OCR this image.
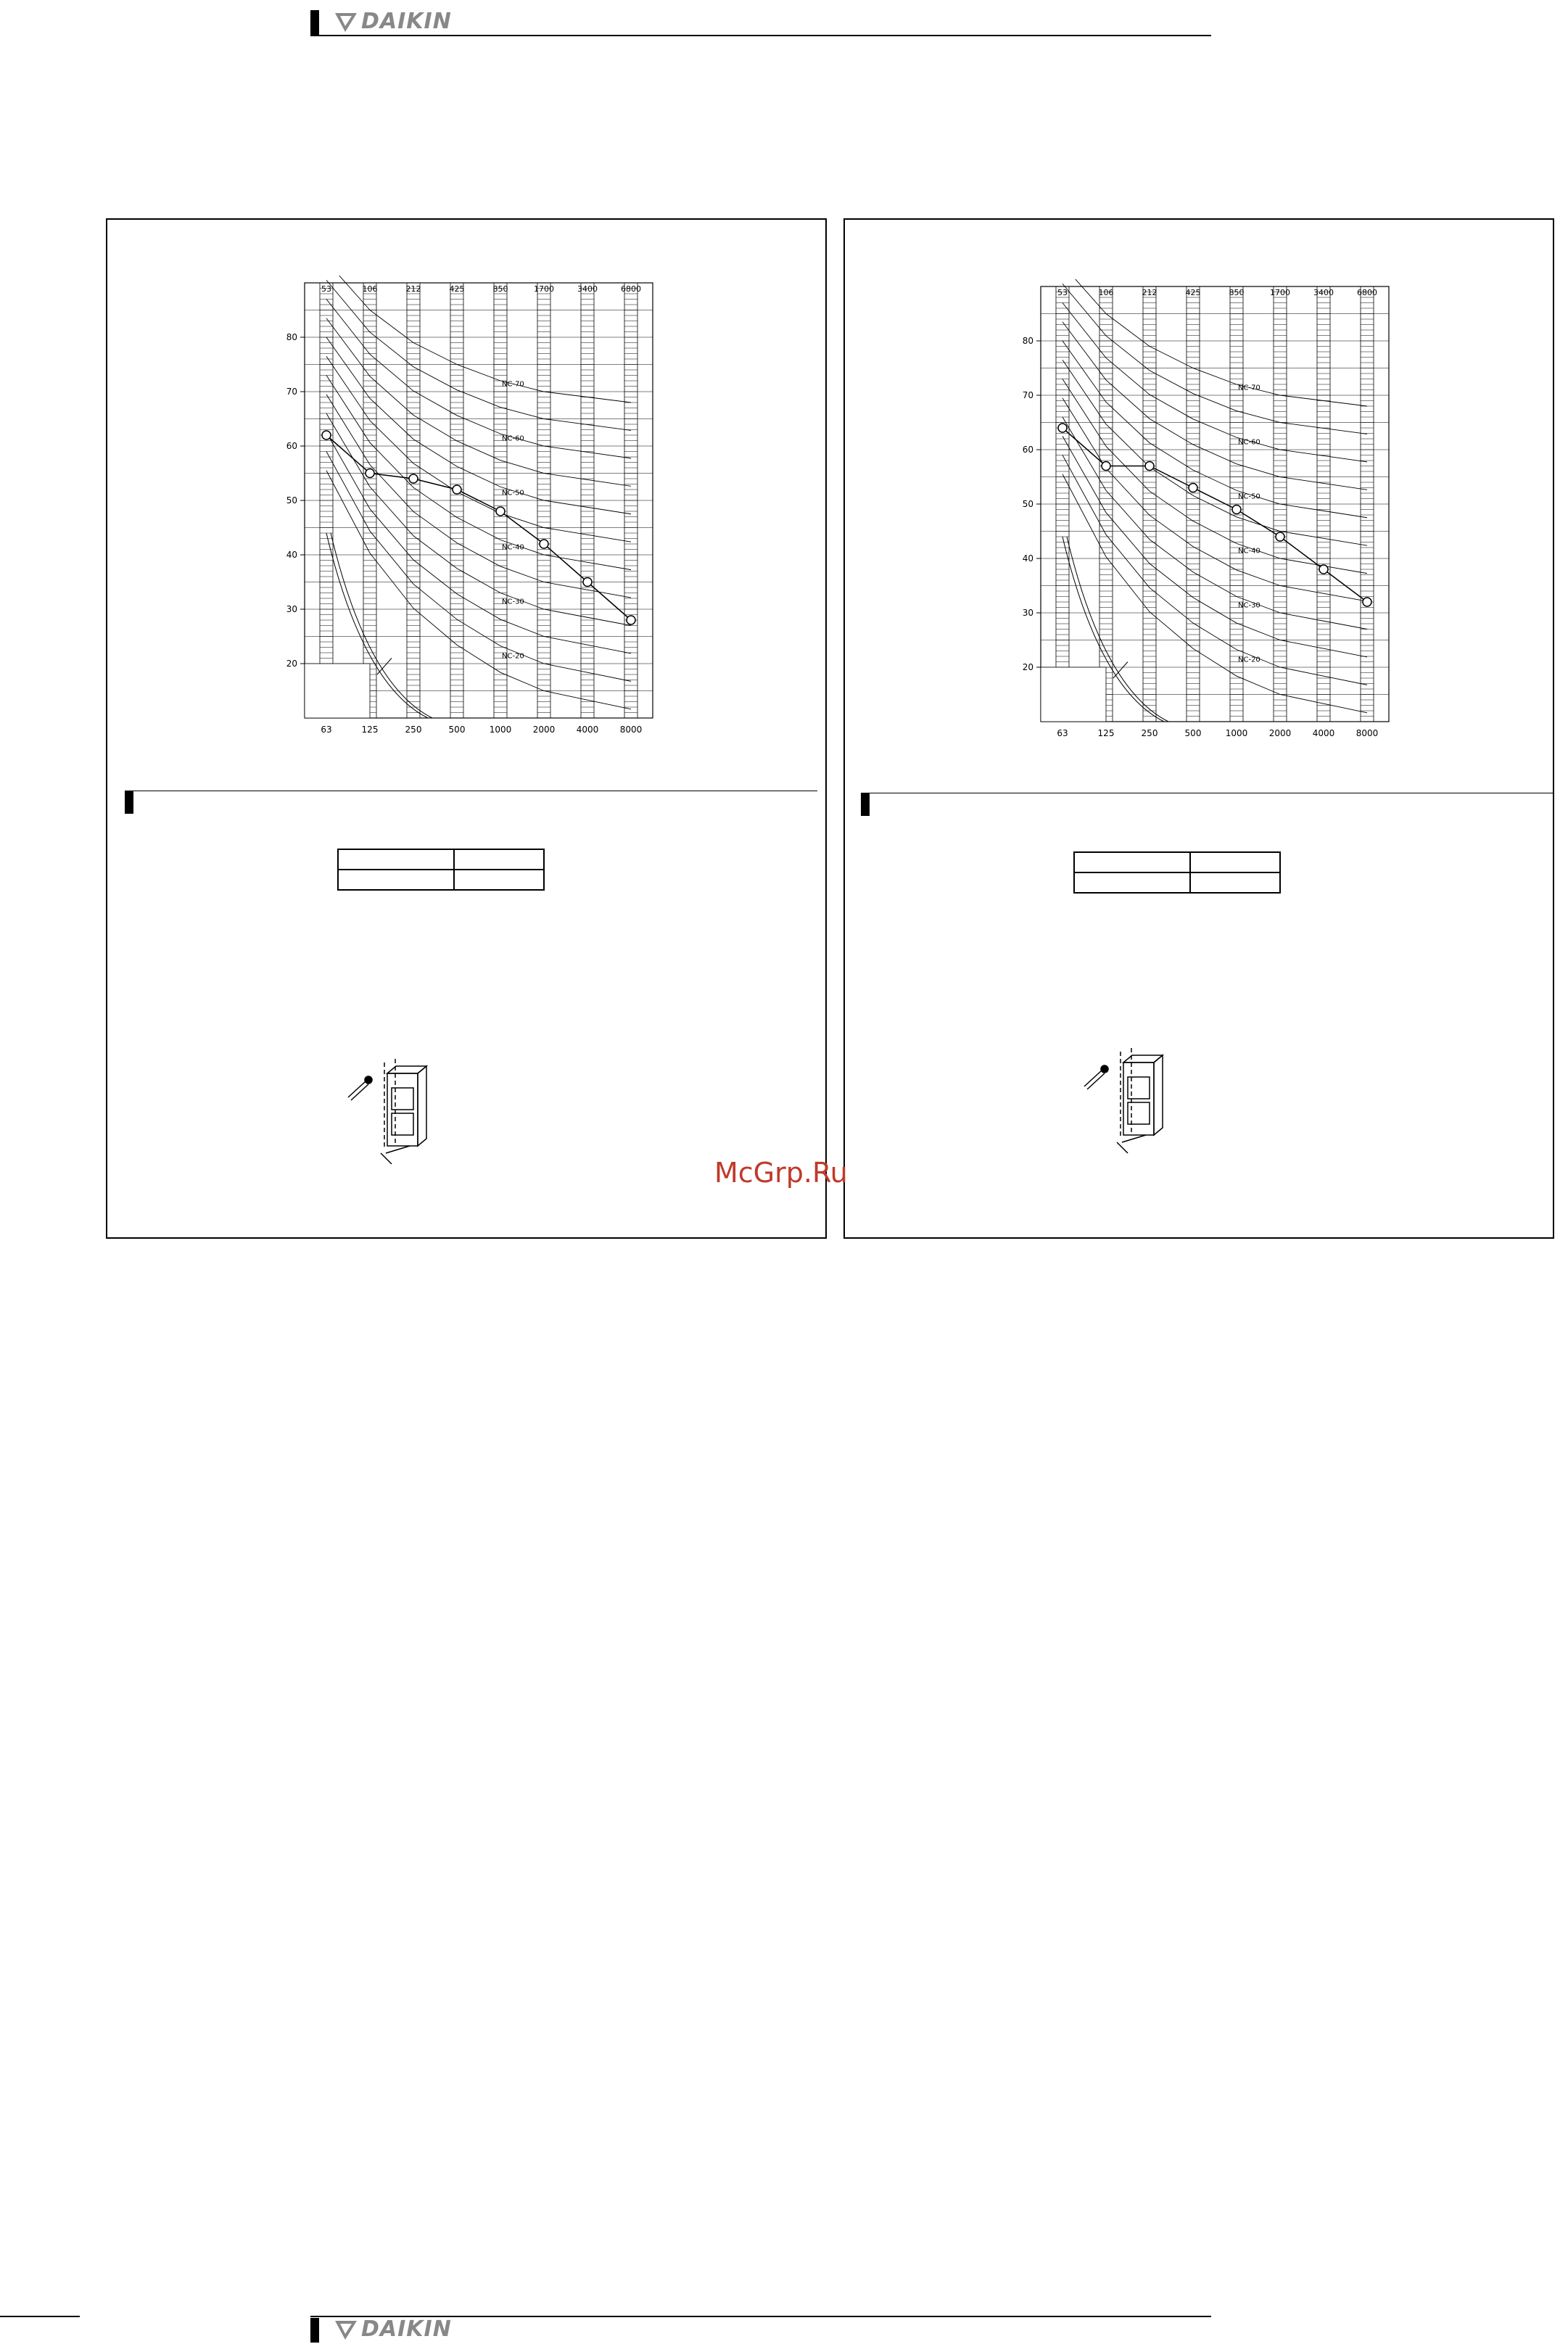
DAIKIN
NC-70
NC-60
NC-50
NC-40
NC-30
NC-20
20
30
40
50
60
70
80
63	125	250	500	1000 2000 4000 8000
53	106	212	425	850	1700	3400	6800

NC-70
NC-60
NC-50
NC-40
NC-30
NC-20
20
30
40
50
60
70
80
63	125	250	500	1000 2000 4000 8000
53	106	212	425	850	1700	3400	6800

McGrp.Ru
DAIKIN
